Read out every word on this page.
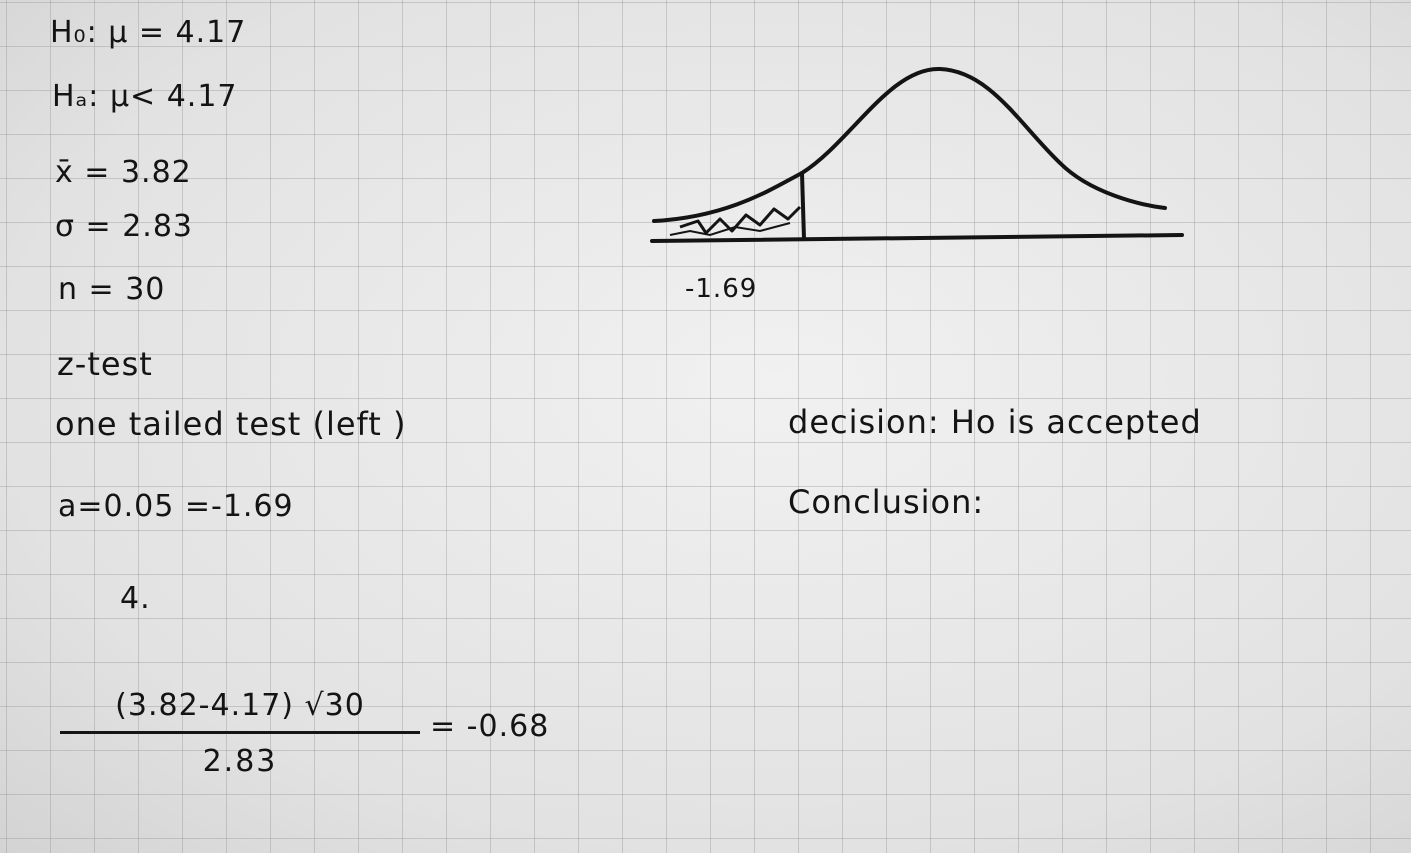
H₀: μ = 4.17
Hₐ: μ< 4.17
x̄ = 3.82
σ = 2.83
n = 30
z-test
one tailed test (left )
a=0.05 =-1.69
4.
(3.82-4.17) √30
2.83
= -0.68
-1.69
decision: Ho is accepted
Conclusion:
